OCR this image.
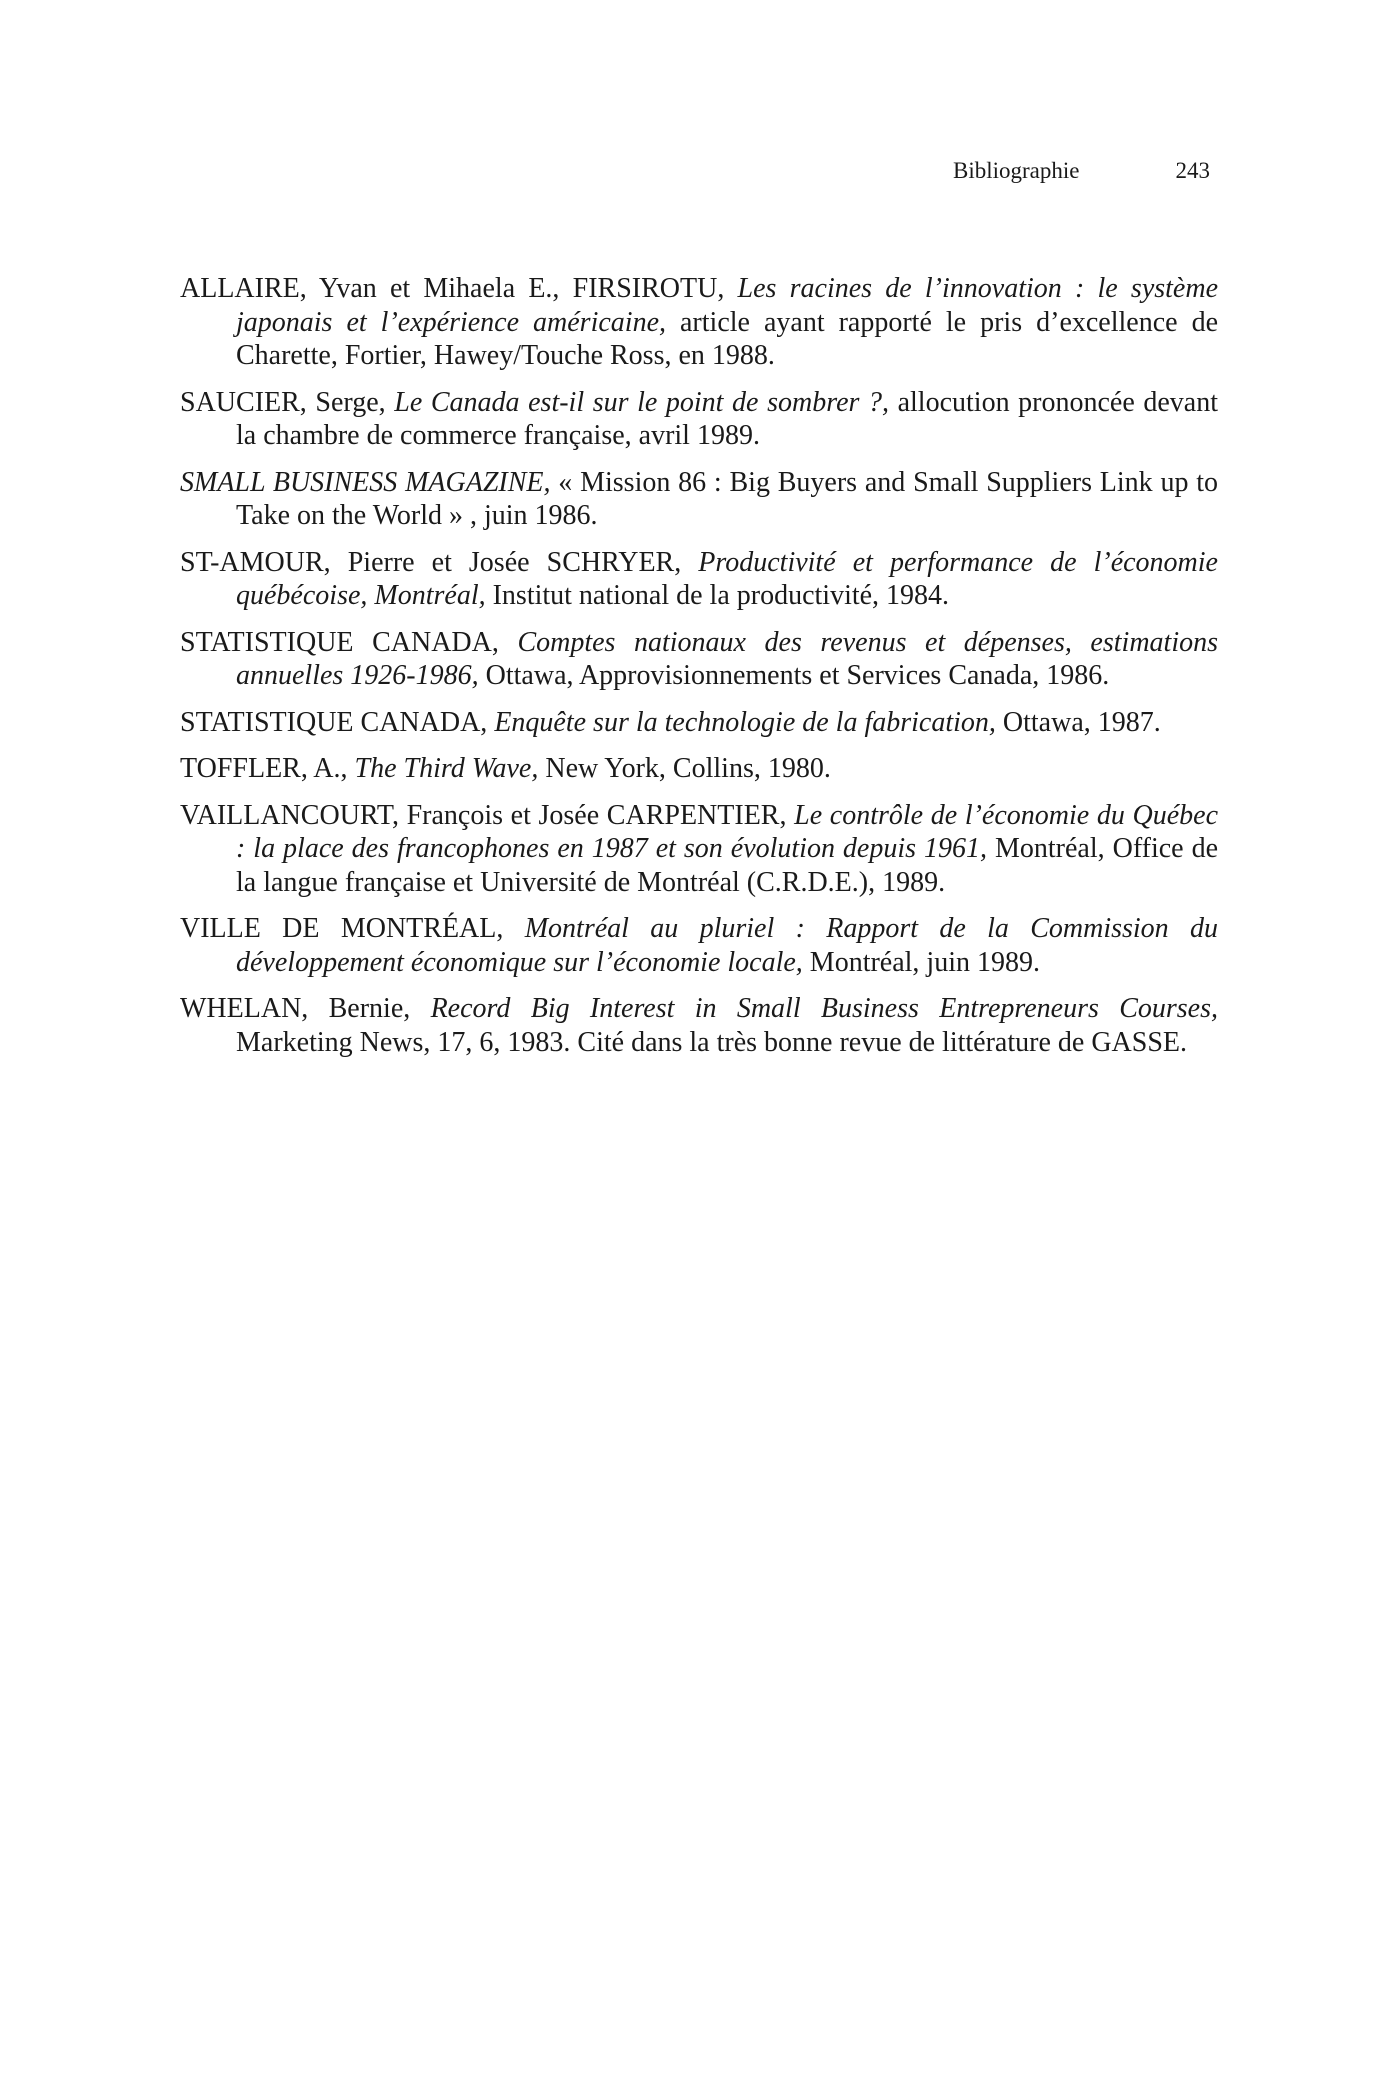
Bibliographie	243

ALLAIRE, Yvan et Mihaela E., FIRSIROTU, Les racines de l’innovation : le système japonais et l’expérience américaine, article ayant rapporté le pris d’excellence de Charette, Fortier, Hawey/Touche Ross, en 1988.

SAUCIER, Serge, Le Canada est-il sur le point de sombrer ?, allocution prononcée devant la chambre de commerce française, avril 1989.

SMALL BUSINESS MAGAZINE, « Mission 86 : Big Buyers and Small Suppliers Link up to Take on the World » , juin 1986.

ST-AMOUR, Pierre et Josée SCHRYER, Productivité et performance de l’économie québécoise, Montréal, Institut national de la productivité, 1984.

STATISTIQUE CANADA, Comptes nationaux des revenus et dépenses, estimations annuelles 1926-1986, Ottawa, Approvisionnements et Services Canada, 1986.

STATISTIQUE CANADA, Enquête sur la technologie de la fabrication, Ottawa, 1987.

TOFFLER, A., The Third Wave, New York, Collins, 1980.

VAILLANCOURT, François et Josée CARPENTIER, Le contrôle de l’économie du Québec : la place des francophones en 1987 et son évolution depuis 1961, Montréal, Office de la langue française et Université de Montréal (C.R.D.E.), 1989.

VILLE DE MONTRÉAL, Montréal au pluriel : Rapport de la Commission du développement économique sur l’économie locale, Montréal, juin 1989.

WHELAN, Bernie, Record Big Interest in Small Business Entrepreneurs Courses, Marketing News, 17, 6, 1983. Cité dans la très bonne revue de littérature de GASSE.
